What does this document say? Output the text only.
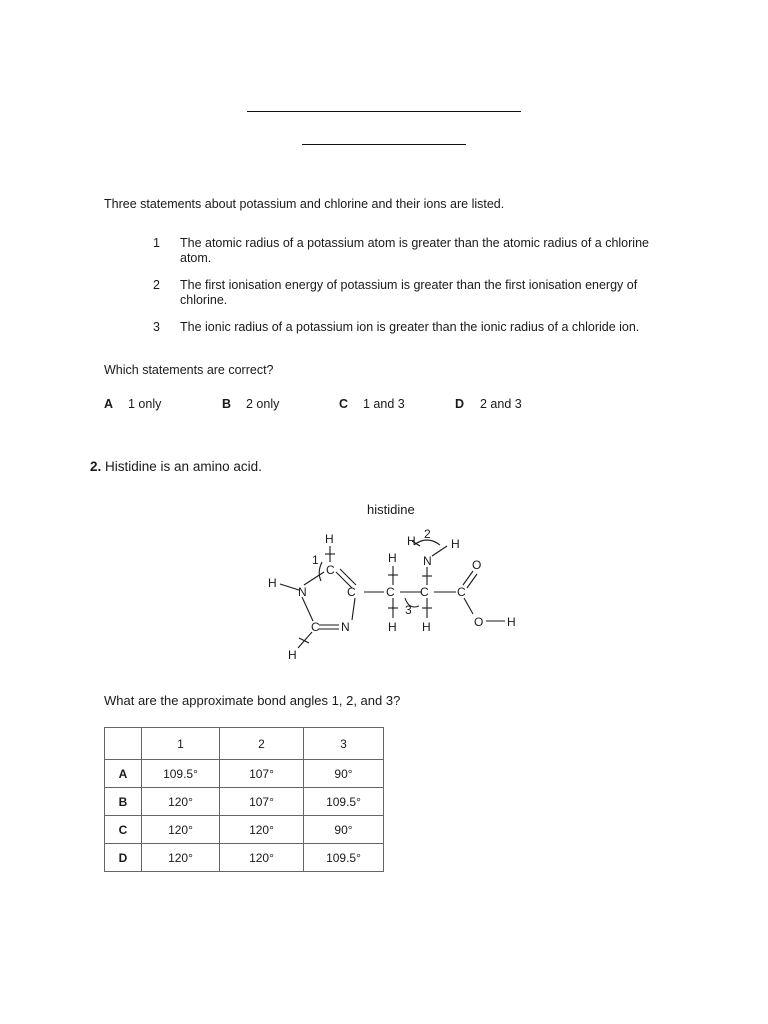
Three statements about potassium and chlorine and their ions are listed.
1 The atomic radius of a potassium atom is greater than the atomic radius of a chlorine atom.
2 The first ionisation energy of potassium is greater than the first ionisation energy of chlorine.
3 The ionic radius of a potassium ion is greater than the ionic radius of a chloride ion.
Which statements are correct?
A 1 only	B 2 only	C 1 and 3	D 2 and 3
2. Histidine is an amino acid.
histidine
H
C
1
H
N	C
C N
H
C
H
H
C
N
H	H
2
3
H
C
O
O H
What are the approximate bond angles 1, 2, and 3?
	1	2	3
A	109.5°	107°	90°
B	120°	107°	109.5°
C	120°	120°	90°
D	120°	120°	109.5°
